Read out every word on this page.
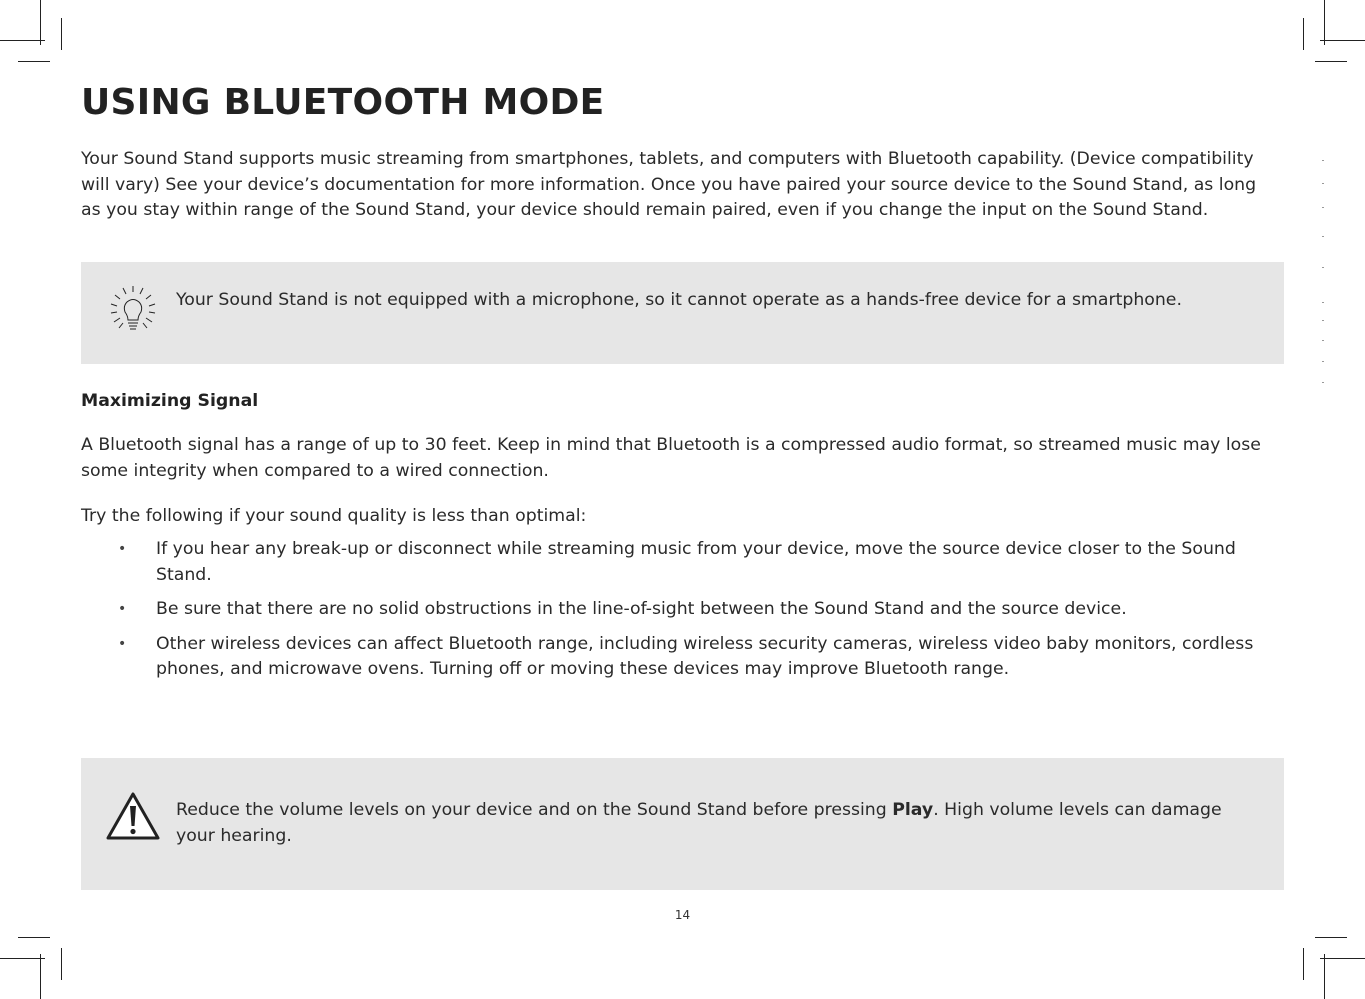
USING BLUETOOTH MODE

Your Sound Stand supports music streaming from smartphones, tablets, and computers with Bluetooth capability. (Device compatibility will vary) See your device’s documentation for more information. Once you have paired your source device to the Sound Stand, as long as you stay within range of the Sound Stand, your device should remain paired, even if you change the input on the Sound Stand.

Your Sound Stand is not equipped with a microphone, so it cannot operate as a hands-free device for a smartphone.

Maximizing Signal

A Bluetooth signal has a range of up to 30 feet. Keep in mind that Bluetooth is a compressed audio format, so streamed music may lose some integrity when compared to a wired connection.

Try the following if your sound quality is less than optimal:

• If you hear any break-up or disconnect while streaming music from your device, move the source device closer to the Sound Stand.
• Be sure that there are no solid obstructions in the line-of-sight between the Sound Stand and the source device.
• Other wireless devices can affect Bluetooth range, including wireless security cameras, wireless video baby monitors, cordless phones, and microwave ovens. Turning off or moving these devices may improve Bluetooth range.

Reduce the volume levels on your device and on the Sound Stand before pressing Play. High volume levels can damage your hearing.

14
